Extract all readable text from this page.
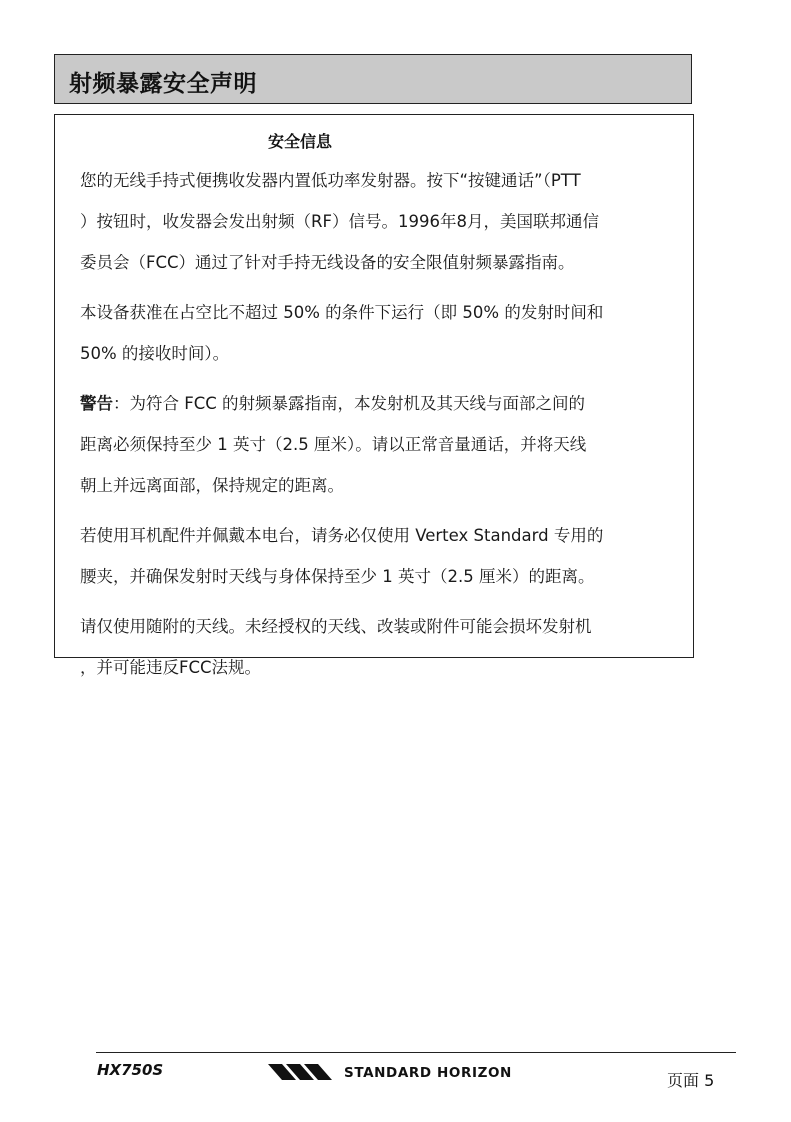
射频暴露安全声明
安全信息
您的无线手持式便携收发器内置低功率发射器。按下“按键通话”（PTT
）按钮时，收发器会发出射频（RF）信号。1996年8月，美国联邦通信
委员会（FCC）通过了针对手持无线设备的安全限值射频暴露指南。
本设备获准在占空比不超过 50% 的条件下运行（即 50% 的发射时间和
50% 的接收时间）。
警告：为符合 FCC 的射频暴露指南，本发射机及其天线与面部之间的
距离必须保持至少 1 英寸（2.5 厘米）。请以正常音量通话，并将天线
朝上并远离面部，保持规定的距离。
若使用耳机配件并佩戴本电台，请务必仅使用 Vertex Standard 专用的
腰夹，并确保发射时天线与身体保持至少 1 英寸（2.5 厘米）的距离。
请仅使用随附的天线。未经授权的天线、改装或附件可能会损坏发射机
，并可能违反FCC法规。
HX750S	STANDARD HORIZON	页面 5
